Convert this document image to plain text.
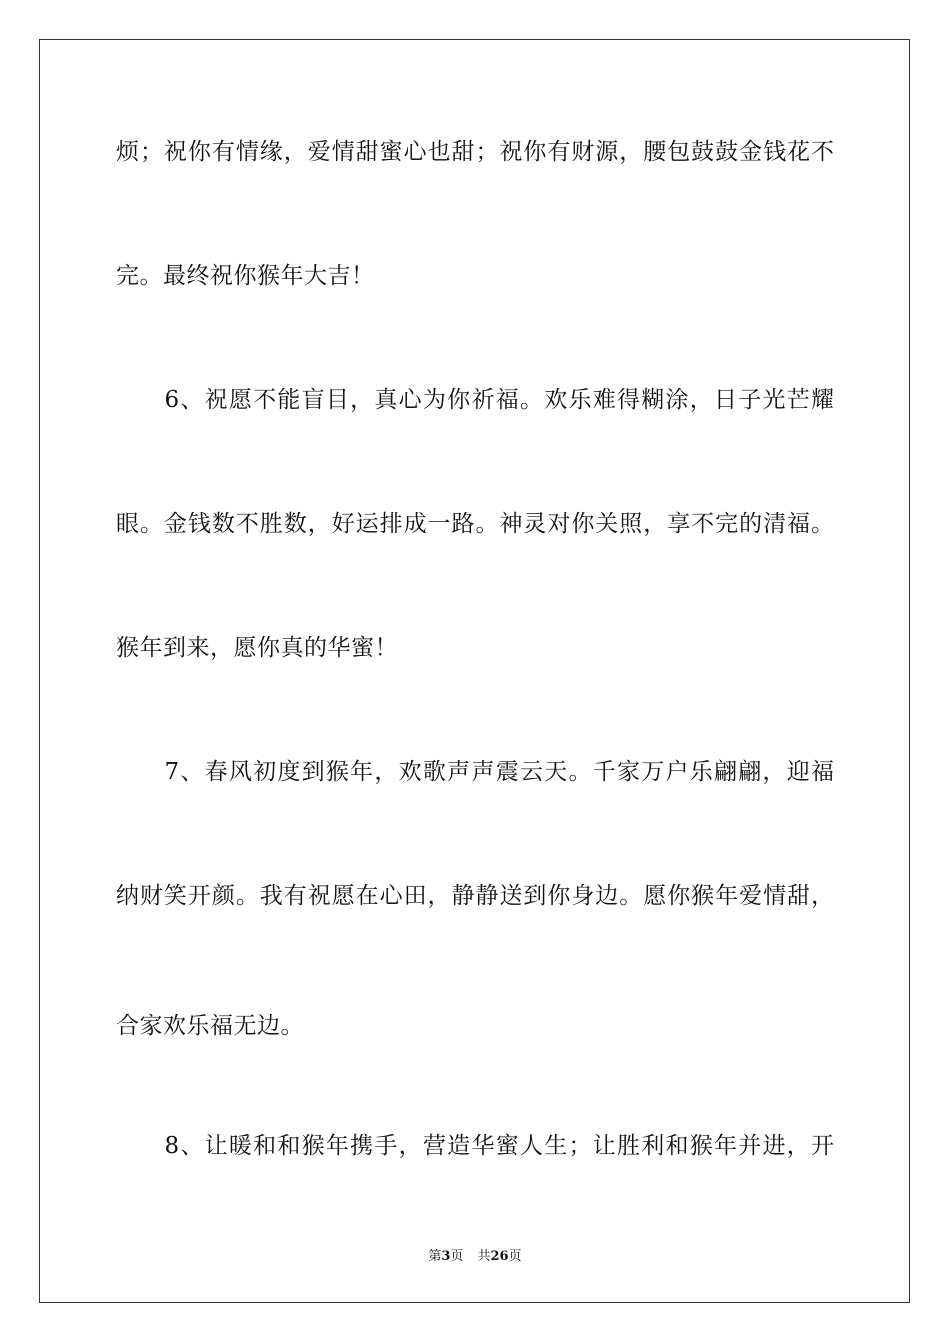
烦；祝你有情缘，爱情甜蜜心也甜；祝你有财源，腰包鼓鼓金钱花不
完。最终祝你猴年大吉！
　　6、祝愿不能盲目，真心为你祈福。欢乐难得糊涂，日子光芒耀
眼。金钱数不胜数，好运排成一路。神灵对你关照，享不完的清福。
猴年到来，愿你真的华蜜！
　　7、春风初度到猴年，欢歌声声震云天。千家万户乐翩翩，迎福
纳财笑开颜。我有祝愿在心田，静静送到你身边。愿你猴年爱情甜，
合家欢乐福无边。
　　8、让暖和和猴年携手，营造华蜜人生；让胜利和猴年并进，开
第3页 共26页
